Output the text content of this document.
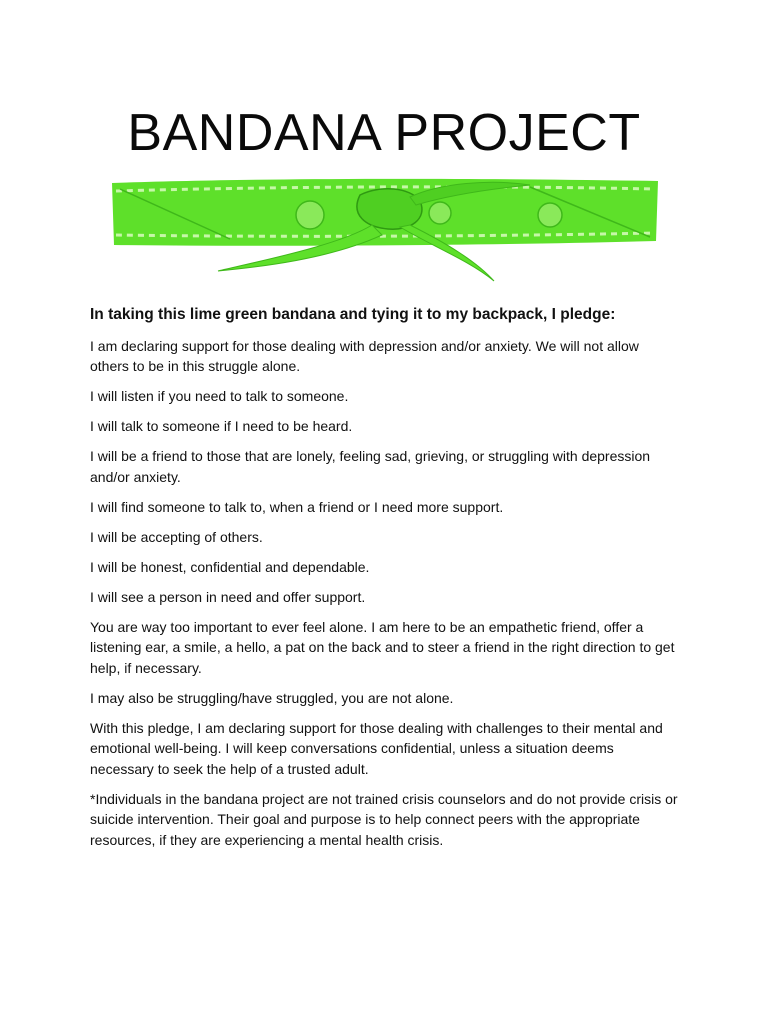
BANDANA PROJECT

In taking this lime green bandana and tying it to my backpack, I pledge:

I am declaring support for those dealing with depression and/or anxiety. We will not allow others to be in this struggle alone.

I will listen if you need to talk to someone.

I will talk to someone if I need to be heard.

I will be a friend to those that are lonely, feeling sad, grieving, or struggling with depression and/or anxiety.

I will find someone to talk to, when a friend or I need more support.

I will be accepting of others.

I will be honest, confidential and dependable.

I will see a person in need and offer support.

You are way too important to ever feel alone. I am here to be an empathetic friend, offer a listening ear, a smile, a hello, a pat on the back and to steer a friend in the right direction to get help, if necessary.

I may also be struggling/have struggled, you are not alone.

With this pledge, I am declaring support for those dealing with challenges to their mental and emotional well-being. I will keep conversations confidential, unless a situation deems necessary to seek the help of a trusted adult.

*Individuals in the bandana project are not trained crisis counselors and do not provide crisis or suicide intervention. Their goal and purpose is to help connect peers with the appropriate resources, if they are experiencing a mental health crisis.
